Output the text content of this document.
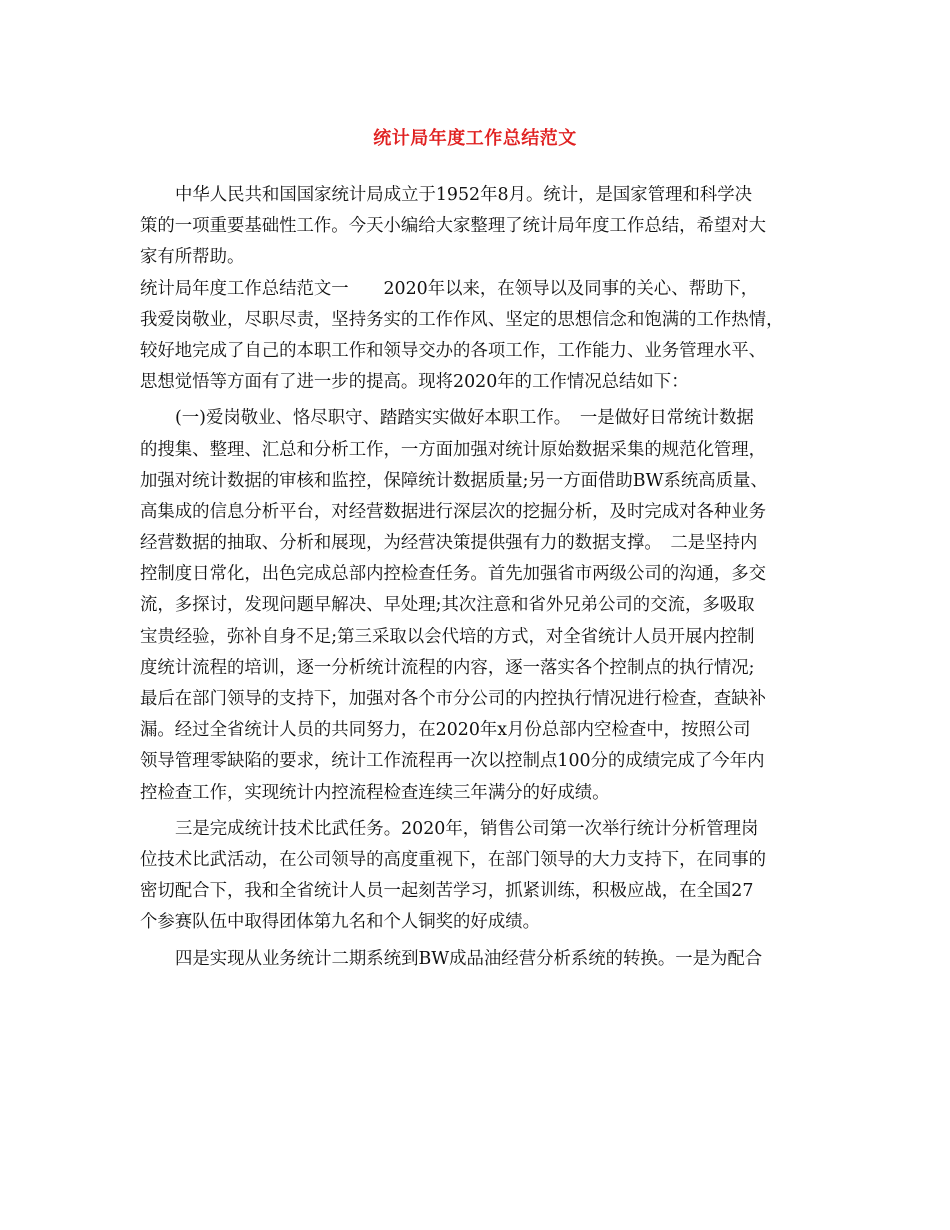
统计局年度工作总结范文
中华人民共和国国家统计局成立于1952年8月。统计，是国家管理和科学决
策的一项重要基础性工作。今天小编给大家整理了统计局年度工作总结，希望对大
家有所帮助。
统计局年度工作总结范文一　　2020年以来，在领导以及同事的关心、帮助下，
我爱岗敬业，尽职尽责，坚持务实的工作作风、坚定的思想信念和饱满的工作热情，
较好地完成了自己的本职工作和领导交办的各项工作，工作能力、业务管理水平、
思想觉悟等方面有了进一步的提高。现将2020年的工作情况总结如下：
(一)爱岗敬业、恪尽职守、踏踏实实做好本职工作。　一是做好日常统计数据
的搜集、整理、汇总和分析工作，一方面加强对统计原始数据采集的规范化管理，
加强对统计数据的审核和监控，保障统计数据质量;另一方面借助BW系统高质量、
高集成的信息分析平台，对经营数据进行深层次的挖掘分析，及时完成对各种业务
经营数据的抽取、分析和展现，为经营决策提供强有力的数据支撑。　二是坚持内
控制度日常化，出色完成总部内控检查任务。首先加强省市两级公司的沟通，多交
流，多探讨，发现问题早解决、早处理;其次注意和省外兄弟公司的交流，多吸取
宝贵经验，弥补自身不足;第三采取以会代培的方式，对全省统计人员开展内控制
度统计流程的培训，逐一分析统计流程的内容，逐一落实各个控制点的执行情况;
最后在部门领导的支持下，加强对各个市分公司的内控执行情况进行检查，查缺补
漏。经过全省统计人员的共同努力，在2020年x月份总部内空检查中，按照公司
领导管理零缺陷的要求，统计工作流程再一次以控制点100分的成绩完成了今年内
控检查工作，实现统计内控流程检查连续三年满分的好成绩。
三是完成统计技术比武任务。2020年，销售公司第一次举行统计分析管理岗
位技术比武活动，在公司领导的高度重视下，在部门领导的大力支持下，在同事的
密切配合下，我和全省统计人员一起刻苦学习，抓紧训练，积极应战，在全国27
个参赛队伍中取得团体第九名和个人铜奖的好成绩。
四是实现从业务统计二期系统到BW成品油经营分析系统的转换。一是为配合
